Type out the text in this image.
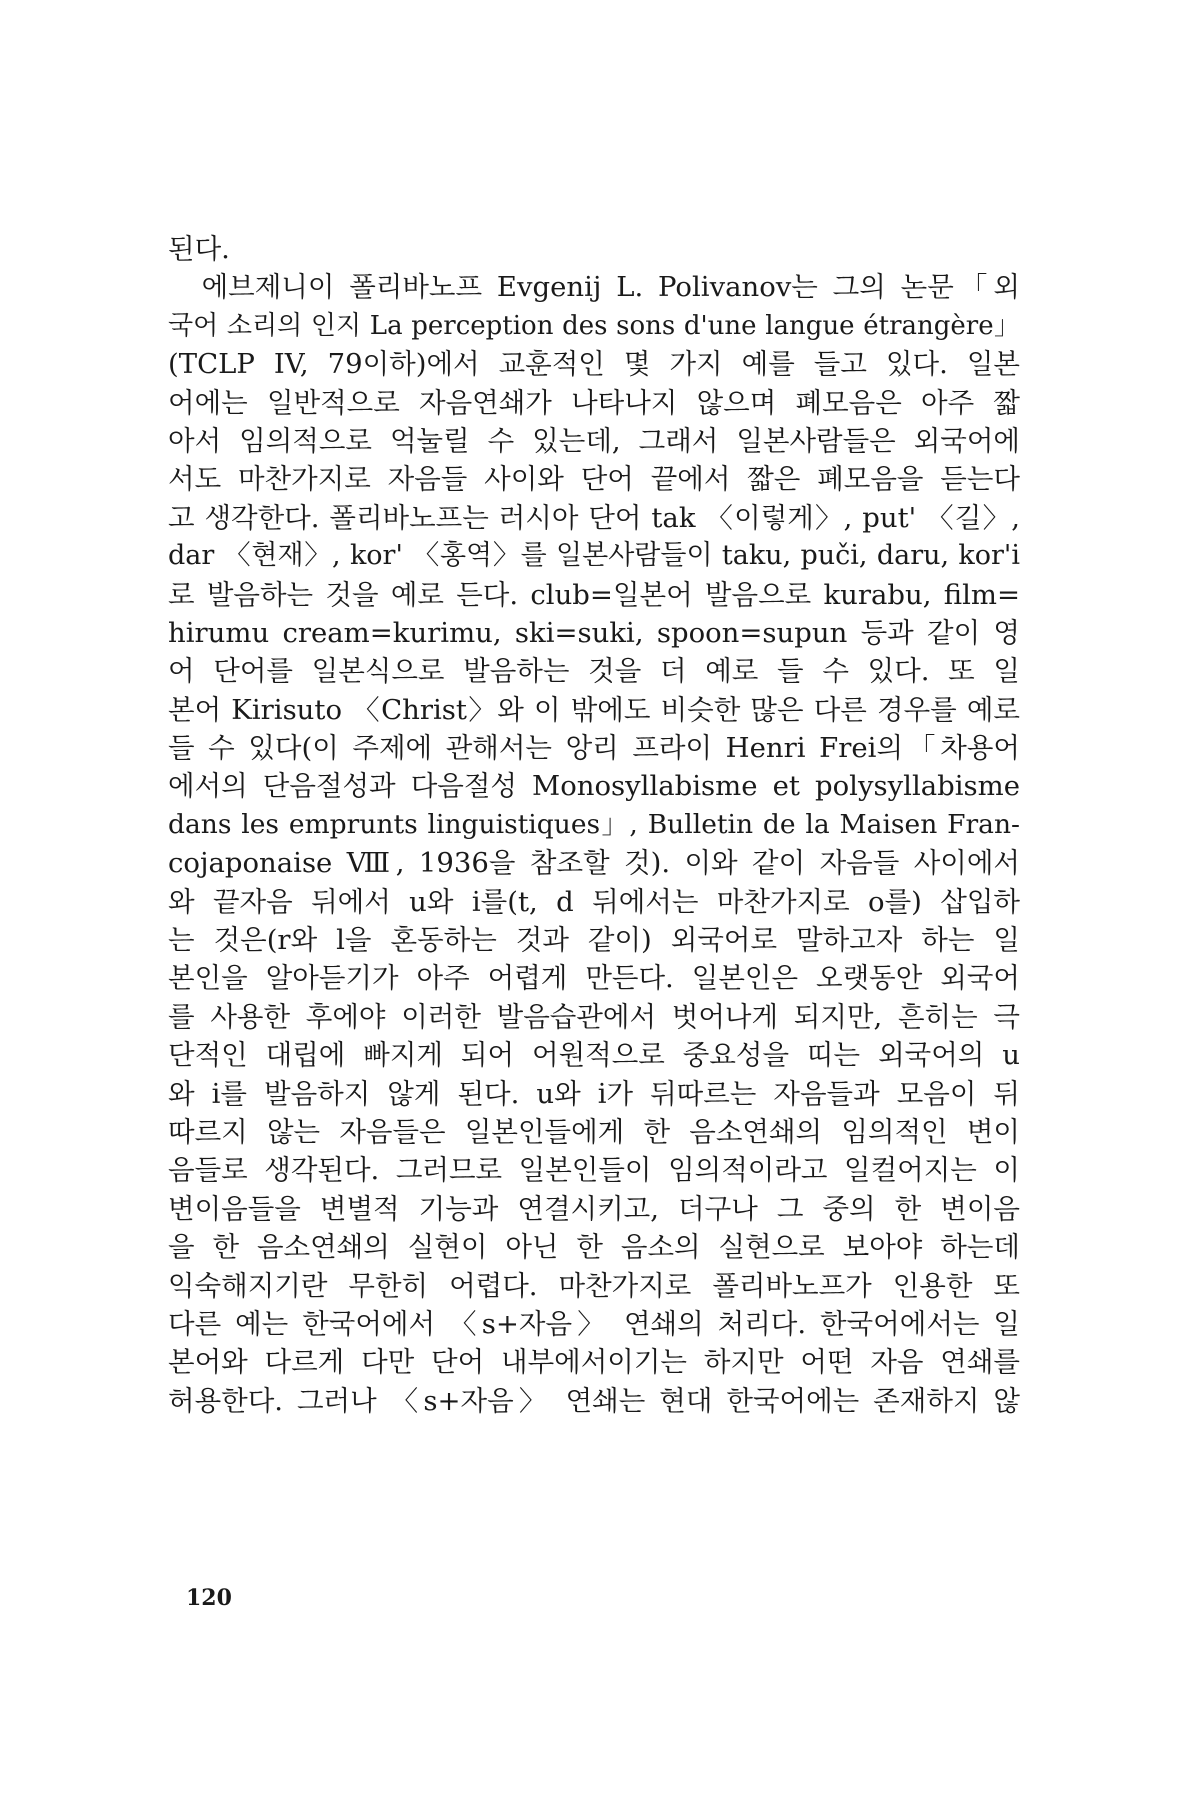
된다.
　에브제니이 폴리바노프 Evgenij L. Polivanov는 그의 논문「외
국어 소리의 인지 La perception des sons d'une langue étrangère」
(TCLP IV, 79이하)에서 교훈적인 몇 가지 예를 들고 있다. 일본
어에는 일반적으로 자음연쇄가 나타나지 않으며 폐모음은 아주 짧
아서 임의적으로 억눌릴 수 있는데, 그래서 일본사람들은 외국어에
서도 마찬가지로 자음들 사이와 단어 끝에서 짧은 폐모음을 듣는다
고 생각한다. 폴리바노프는 러시아 단어 tak 〈이렇게〉, put' 〈길〉,
dar 〈현재〉, kor' 〈홍역〉를 일본사람들이 taku, puči, daru, kor'i
로 발음하는 것을 예로 든다. club=일본어 발음으로 kurabu, film=
hirumu cream=kurimu, ski=suki, spoon=supun 등과 같이 영
어 단어를 일본식으로 발음하는 것을 더 예로 들 수 있다. 또 일
본어 Kirisuto 〈Christ〉와 이 밖에도 비슷한 많은 다른 경우를 예로
들 수 있다(이 주제에 관해서는 앙리 프라이 Henri Frei의「차용어
에서의 단음절성과 다음절성 Monosyllabisme et polysyllabisme
dans les emprunts linguistiques」, Bulletin de la Maisen Fran-
cojaponaise Ⅷ, 1936을 참조할 것). 이와 같이 자음들 사이에서
와 끝자음 뒤에서 u와 i를(t, d 뒤에서는 마찬가지로 o를) 삽입하
는 것은(r와 l을 혼동하는 것과 같이) 외국어로 말하고자 하는 일
본인을 알아듣기가 아주 어렵게 만든다. 일본인은 오랫동안 외국어
를 사용한 후에야 이러한 발음습관에서 벗어나게 되지만, 흔히는 극
단적인 대립에 빠지게 되어 어원적으로 중요성을 띠는 외국어의 u
와 i를 발음하지 않게 된다. u와 i가 뒤따르는 자음들과 모음이 뒤
따르지 않는 자음들은 일본인들에게 한 음소연쇄의 임의적인 변이
음들로 생각된다. 그러므로 일본인들이 임의적이라고 일컬어지는 이
변이음들을 변별적 기능과 연결시키고, 더구나 그 중의 한 변이음
을 한 음소연쇄의 실현이 아닌 한 음소의 실현으로 보아야 하는데
익숙해지기란 무한히 어렵다. 마찬가지로 폴리바노프가 인용한 또
다른 예는 한국어에서 〈s+자음〉 연쇄의 처리다. 한국어에서는 일
본어와 다르게 다만 단어 내부에서이기는 하지만 어떤 자음 연쇄를
허용한다. 그러나 〈s+자음〉 연쇄는 현대 한국어에는 존재하지 않
120
